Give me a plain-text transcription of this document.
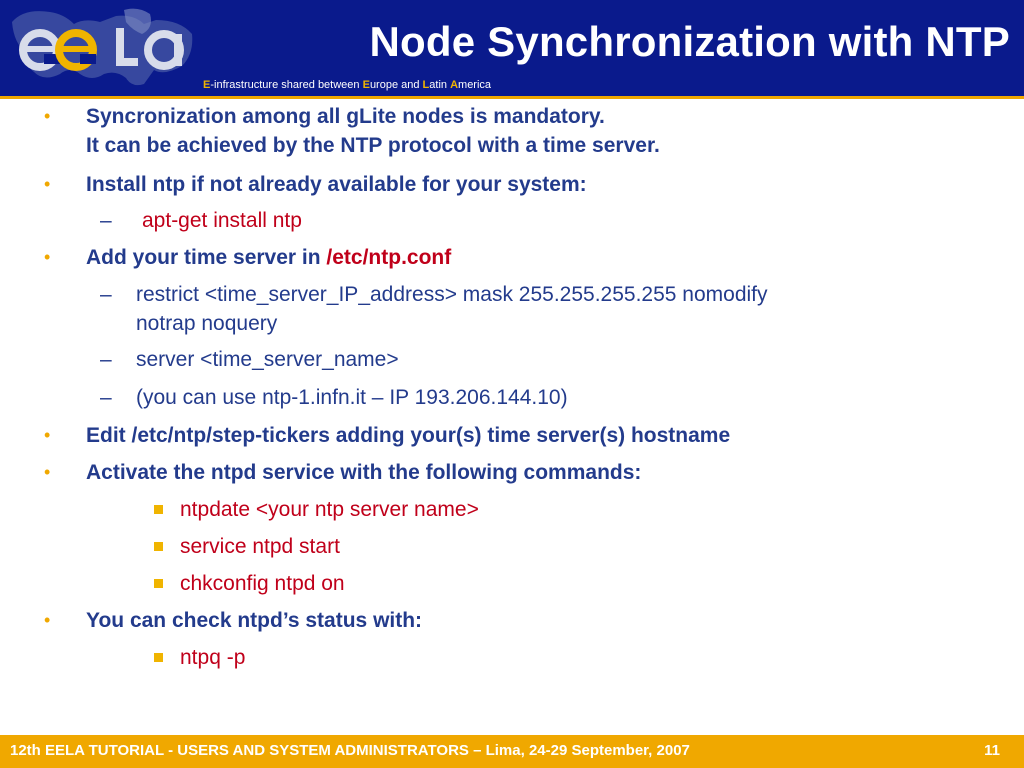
Node Synchronization with NTP
E-infrastructure shared between Europe and Latin America
• Syncronization among all gLite nodes is mandatory.
It can be achieved by the NTP protocol with a time server.
• Install ntp if not already available for your system:
– apt-get install ntp
• Add your time server in /etc/ntp.conf
– restrict <time_server_IP_address> mask 255.255.255.255 nomodify
notrap noquery
– server <time_server_name>
– (you can use ntp-1.infn.it – IP 193.206.144.10)
• Edit /etc/ntp/step-tickers adding your(s) time server(s) hostname
• Activate the ntpd service with the following commands:
ntpdate <your ntp server name>
service ntpd start
chkconfig ntpd on
• You can check ntpd’s status with:
ntpq -p
12th EELA TUTORIAL - USERS AND SYSTEM ADMINISTRATORS – Lima, 24-29 September, 2007	11
